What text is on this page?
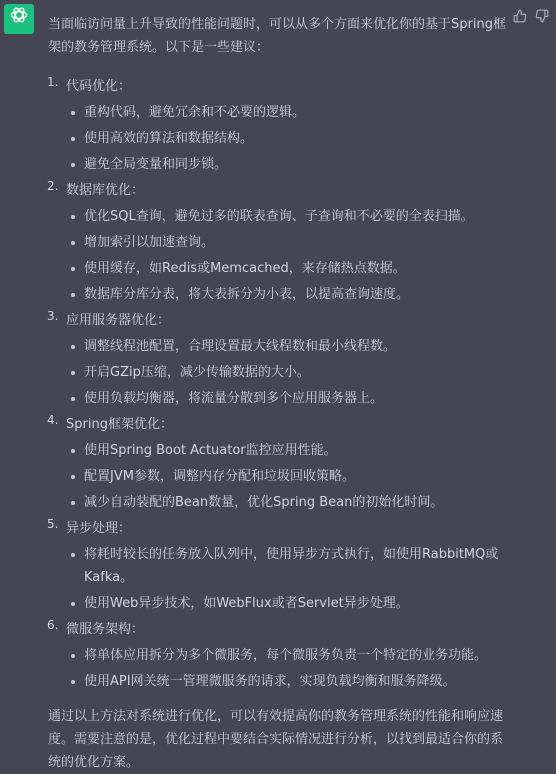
当面临访问量上升导致的性能问题时，可以从多个方面来优化你的基于Spring框架的教务管理系统。以下是一些建议：

1. 代码优化：
重构代码，避免冗余和不必要的逻辑。
使用高效的算法和数据结构。
避免全局变量和同步锁。
2. 数据库优化：
优化SQL查询，避免过多的联表查询、子查询和不必要的全表扫描。
增加索引以加速查询。
使用缓存，如Redis或Memcached，来存储热点数据。
数据库分库分表，将大表拆分为小表，以提高查询速度。
3. 应用服务器优化：
调整线程池配置，合理设置最大线程数和最小线程数。
开启GZip压缩，减少传输数据的大小。
使用负载均衡器，将流量分散到多个应用服务器上。
4. Spring框架优化：
使用Spring Boot Actuator监控应用性能。
配置JVM参数，调整内存分配和垃圾回收策略。
减少自动装配的Bean数量，优化Spring Bean的初始化时间。
5. 异步处理：
将耗时较长的任务放入队列中，使用异步方式执行，如使用RabbitMQ或Kafka。
使用Web异步技术，如WebFlux或者Servlet异步处理。
6. 微服务架构：
将单体应用拆分为多个微服务，每个微服务负责一个特定的业务功能。
使用API网关统一管理微服务的请求，实现负载均衡和服务降级。

通过以上方法对系统进行优化，可以有效提高你的教务管理系统的性能和响应速度。需要注意的是，优化过程中要结合实际情况进行分析，以找到最适合你的系统的优化方案。
